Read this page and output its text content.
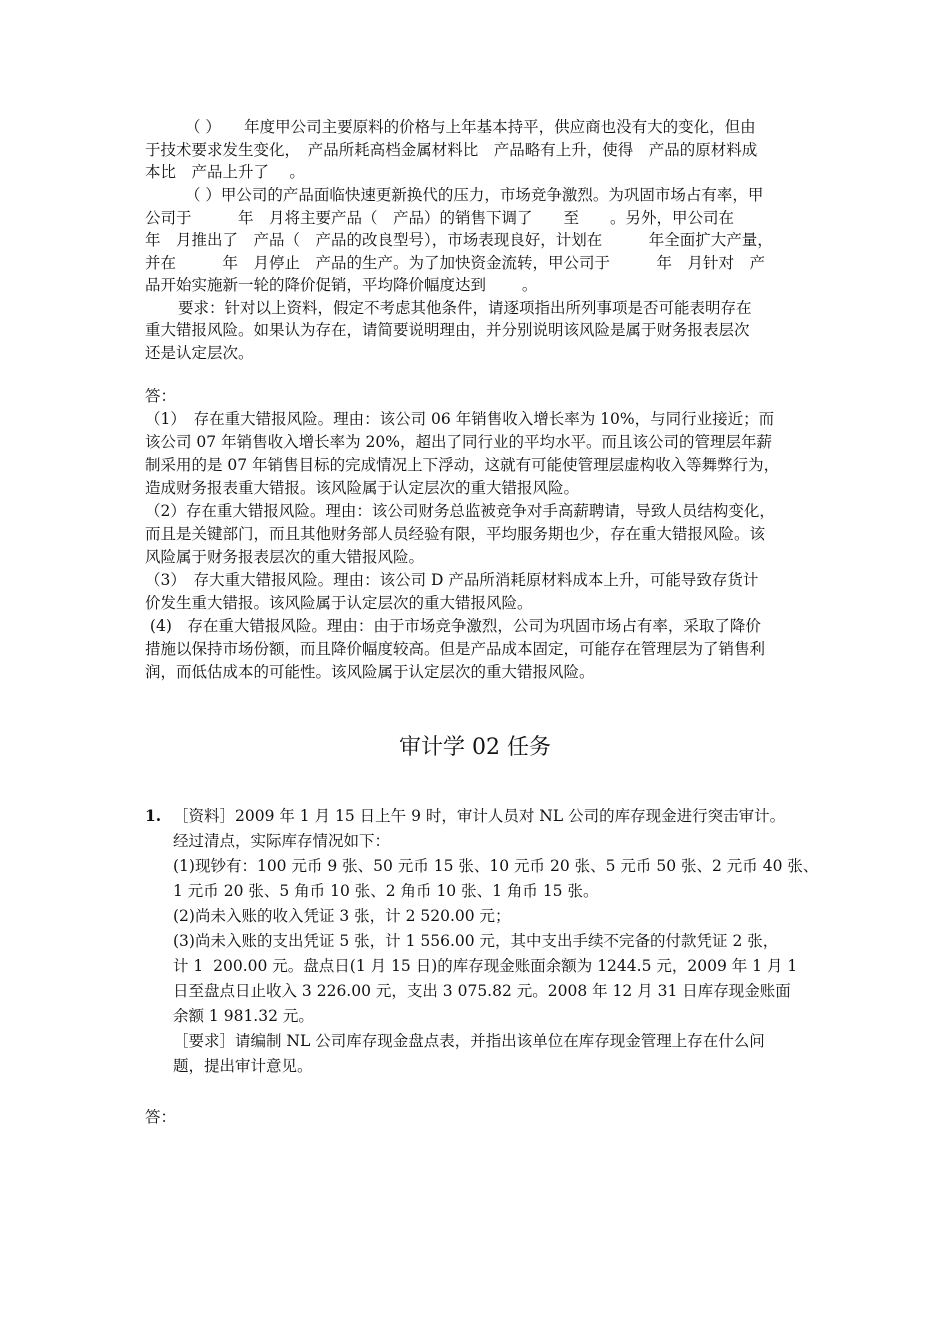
（ ）　　年度甲公司主要原料的价格与上年基本持平，供应商也没有大的变化，但由
于技术要求发生变化，　产品所耗高档金属材料比　产品略有上升，使得　产品的原材料成
本比　产品上升了　 。
（ ）甲公司的产品面临快速更新换代的压力，市场竞争激烈。为巩固市场占有率，甲
公司于　　　年　月将主要产品（　产品）的销售下调了　　至　　。另外，甲公司在
年　月推出了　产品（　产品的改良型号），市场表现良好，计划在　　　年全面扩大产量，
并在　　　年　月停止　产品的生产。为了加快资金流转，甲公司于　　　年　月针对　产
品开始实施新一轮的降价促销，平均降价幅度达到　　 。
要求：针对以上资料，假定不考虑其他条件，请逐项指出所列事项是否可能表明存在
重大错报风险。如果认为存在，请简要说明理由，并分别说明该风险是属于财务报表层次
还是认定层次。
答：
（1）　存在重大错报风险。理由：该公司 06 年销售收入增长率为 10%，与同行业接近；而
该公司 07 年销售收入增长率为 20%，超出了同行业的平均水平。而且该公司的管理层年薪
制采用的是 07 年销售目标的完成情况上下浮动，这就有可能使管理层虚构收入等舞弊行为，
造成财务报表重大错报。该风险属于认定层次的重大错报风险。
（2）存在重大错报风险。理由：该公司财务总监被竞争对手高薪聘请，导致人员结构变化，
而且是关键部门，而且其他财务部人员经验有限，平均服务期也少，存在重大错报风险。该
风险属于财务报表层次的重大错报风险。
（3）　存大重大错报风险。理由：该公司 D 产品所消耗原材料成本上升，可能导致存货计
价发生重大错报。该风险属于认定层次的重大错报风险。
(4)　存在重大错报风险。理由：由于市场竞争激烈，公司为巩固市场占有率，采取了降价
措施以保持市场份额，而且降价幅度较高。但是产品成本固定，可能存在管理层为了销售利
润，而低估成本的可能性。该风险属于认定层次的重大错报风险。
审计学 02 任务
1. ［资料］2009 年 1 月 15 日上午 9 时，审计人员对 NL 公司的库存现金进行突击审计。
经过清点，实际库存情况如下：
(1)现钞有：100 元币 9 张、50 元币 15 张、10 元币 20 张、5 元币 50 张、2 元币 40 张、
1 元币 20 张、5 角币 10 张、2 角币 10 张、1 角币 15 张。
(2)尚未入账的收入凭证 3 张，计 2 520.00 元；
(3)尚未入账的支出凭证 5 张，计 1 556.00 元，其中支出手续不完备的付款凭证 2 张，
计 1  200.00 元。盘点日(1 月 15 日)的库存现金账面余额为 1244.5 元，2009 年 1 月 1
日至盘点日止收入 3 226.00 元，支出 3 075.82 元。2008 年 12 月 31 日库存现金账面
余额 1 981.32 元。
［要求］请编制 NL 公司库存现金盘点表，并指出该单位在库存现金管理上存在什么问
题，提出审计意见。
答：
